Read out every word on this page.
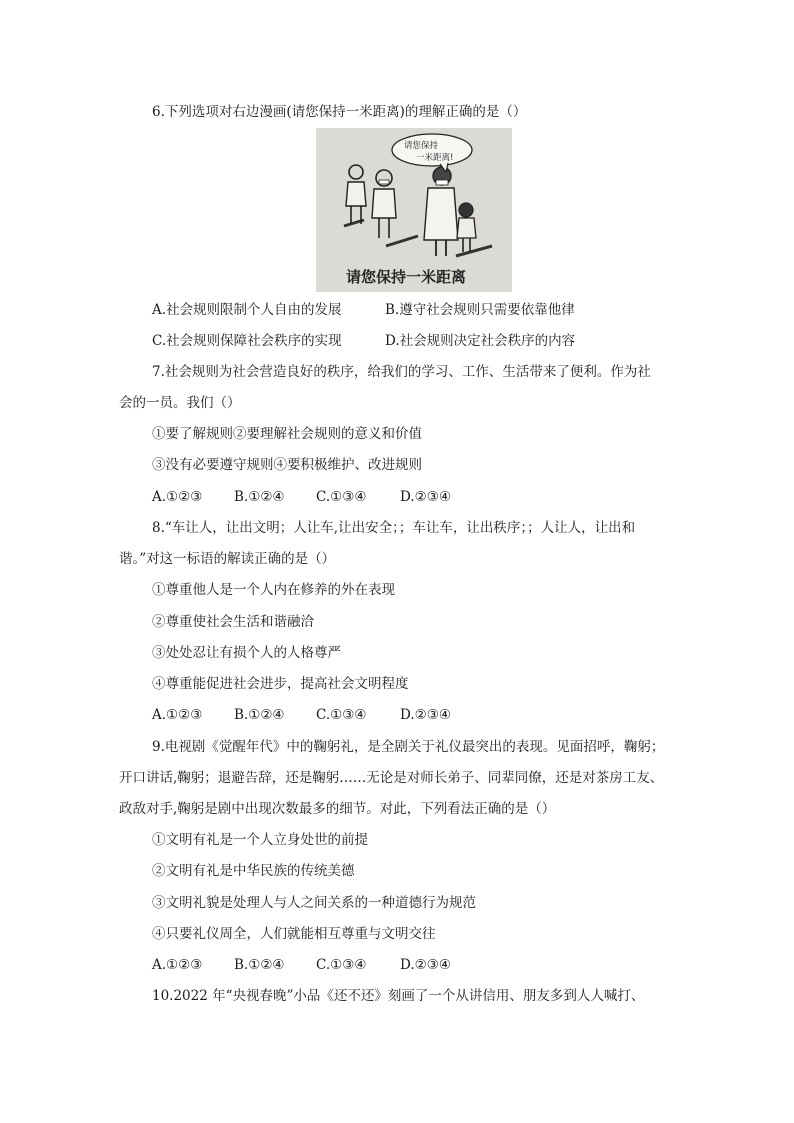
6.下列选项对右边漫画(请您保持一米距离)的理解正确的是（）
请您保持
一米距离!
请您保持一米距离
A.社会规则限制个人自由的发展	B.遵守社会规则只需要依靠他律
C.社会规则保障社会秩序的实现	D.社会规则决定社会秩序的内容
7.社会规则为社会营造良好的秩序，给我们的学习、工作、生活带来了便利。作为社
会的一员。我们（）
①要了解规则②要理解社会规则的意义和价值
③没有必要遵守规则④要积极维护、改进规则
A.①②③ B.①②④ C.①③④ D.②③④
8.“车让人，让出文明；人让车,让出安全；；车让车，让出秩序；；人让人，让出和
谐。”对这一标语的解读正确的是（）
①尊重他人是一个人内在修养的外在表现
②尊重使社会生活和谐融洽
③处处忍让有损个人的人格尊严
④尊重能促进社会进步，提高社会文明程度
A.①②③ B.①②④ C.①③④ D.②③④
9.电视剧《觉醒年代》中的鞠躬礼，是全剧关于礼仪最突出的表现。见面招呼，鞠躬；
开口讲话,鞠躬；退避告辞，还是鞠躬……无论是对师长弟子、同辈同僚，还是对茶房工友、
政敌对手,鞠躬是剧中出现次数最多的细节。对此，下列看法正确的是（）
①文明有礼是一个人立身处世的前提
②文明有礼是中华民族的传统美德
③文明礼貌是处理人与人之间关系的一种道德行为规范
④只要礼仪周全，人们就能相互尊重与文明交往
A.①②③ B.①②④ C.①③④ D.②③④
10.2022 年“央视春晚”小品《还不还》刻画了一个从讲信用、朋友多到人人喊打、
